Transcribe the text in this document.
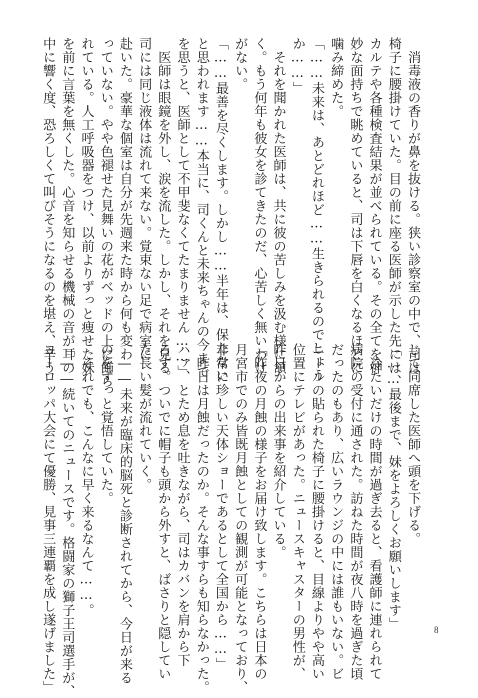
　消毒液の香りが鼻を抜ける。狭い診察室の中で、司は
椅子に腰掛けていた。目の前に座る医師が示した先には、
カルテや各種検査結果が並べられている。その全てを神
妙な面持ちで眺めていると、司は下唇を白くなるほどに
噛み締めた。
「……未来は、あとどれほど……生きられるのでしょう
か……」
　それを聞かれた医師は、共に彼の苦しみを汲む様に頷
く。もう何年も彼女を診てきたのだ、心苦しく無いわけ
がない。
「……最善を尽くします。しかし……半年は、保たない
と思われます……本当に、司くんと未来ちゃんの今まで
を思うと、医師として不甲斐なくてたまりません……」
　医師は眼鏡を外し、涙を流した。しかし、それを見る
司には同じ液体は流れて来ない。覚束ない足で病室に
赴いた。豪華な個室は自分が先週来た時から何も変わ
っていない。やや色褪せた見舞いの花がベッドの上に飾ら
れている。人工呼吸器をつけ、以前よりずっと痩せた妹
を前に言葉を無くした。心音を知らせる機械の音が耳の
中に響く度、恐ろしくて叫びそうになるのを堪え、辛う
じて同席した医師へ頭を下げる。
「……最後まで、妹をよろしくお願いします」
　冷たいだけの時間が過ぎ去ると、看護師に連れられて
病院の受付に通された。訪ねた時間が夜八時を過ぎた頃
だったのもあり、広いラウンジの中には誰もいない。ビ
ニールの貼られた椅子に腰掛けると、目線よりやや高い
位置にテレビがあった。ニュースキャスターの男性が、
昨日からの出来事を紹介している。
「昨夜の月蝕の様子をお届け致します。こちらは日本の
月宮市でのみ皆既月蝕としての観測が可能となっており、
非常に珍しい天体ショーであるとして全国から……」
　昨日は月蝕だったのか。そんな事すらも知らなかった。
ハァ、とため息を吐きながら、司はカバンを肩から下
ろす。ついでに帽子も頭から外すと、ばさりと隠してい
た長い髪が流れていく。
　――未来が臨床的脳死と診断されてから、今日が来る
のをずっと覚悟していた。
　それでも、こんなに早く来るなんて……。
「――続いてのニュースです。格闘家の獅子王司選手が、
ヨーロッパ大会にて優勝、見事三連覇を成し遂げました」	8
